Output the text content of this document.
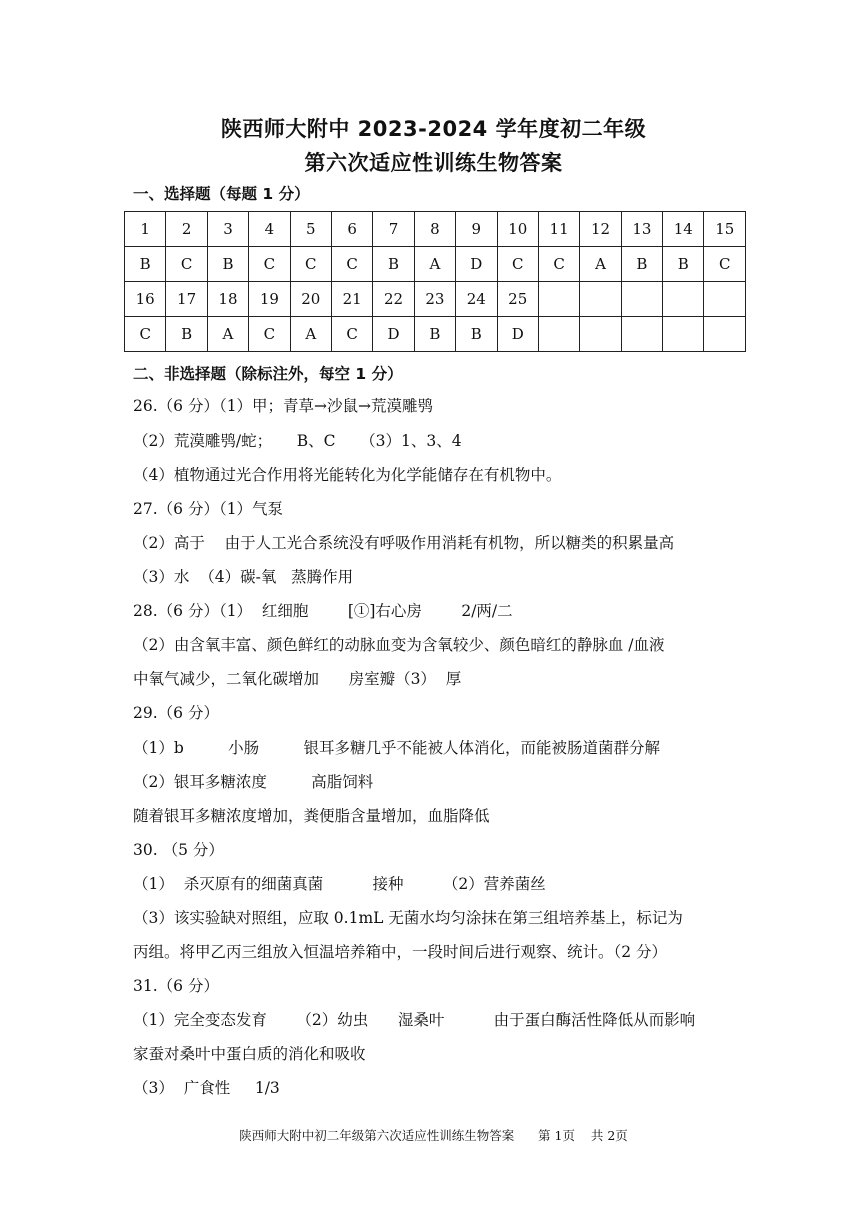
陕西师大附中 2023-2024 学年度初二年级
第六次适应性训练生物答案
一、选择题（每题 1 分）
1	2	3	4	5	6	7	8	9	10	11	12	13	14	15
B	C	B	C	C	C	B	A	D	C	C	A	B	B	C
16	17	18	19	20	21	22	23	24	25					
C	B	A	C	A	C	D	B	B	D					
二、非选择题（除标注外，每空 1 分）
26.（6 分）（1）甲；青草→沙鼠→荒漠雕鸮
（2）荒漠雕鸮/蛇；     B、C     （3）1、3、4
（4）植物通过光合作用将光能转化为化学能储存在有机物中。
27.（6 分）（1）气泵
（2）高于    由于人工光合系统没有呼吸作用消耗有机物，所以糖类的积累量高
（3）水  （4）碳-氧   蒸腾作用
28.（6 分）（1）  红细胞        [①]右心房        2/两/二
（2）由含氧丰富、颜色鲜红的动脉血变为含氧较少、颜色暗红的静脉血 /血液
中氧气减少，二氧化碳增加      房室瓣（3）  厚
29.（6 分）
（1）b         小肠         银耳多糖几乎不能被人体消化，而能被肠道菌群分解
（2）银耳多糖浓度         高脂饲料
随着银耳多糖浓度增加，粪便脂含量增加，血脂降低
30. （5 分）
（1）  杀灭原有的细菌真菌          接种        （2）营养菌丝
（3）该实验缺对照组，应取 0.1mL 无菌水均匀涂抹在第三组培养基上，标记为
丙组。将甲乙丙三组放入恒温培养箱中，一段时间后进行观察、统计。（2 分）
31.（6 分）
（1）完全变态发育      （2）幼虫      湿桑叶          由于蛋白酶活性降低从而影响
家蚕对桑叶中蛋白质的消化和吸收
（3）  广食性     1/3
陕西师大附中初二年级第六次适应性训练生物答案      第 1页    共 2页
